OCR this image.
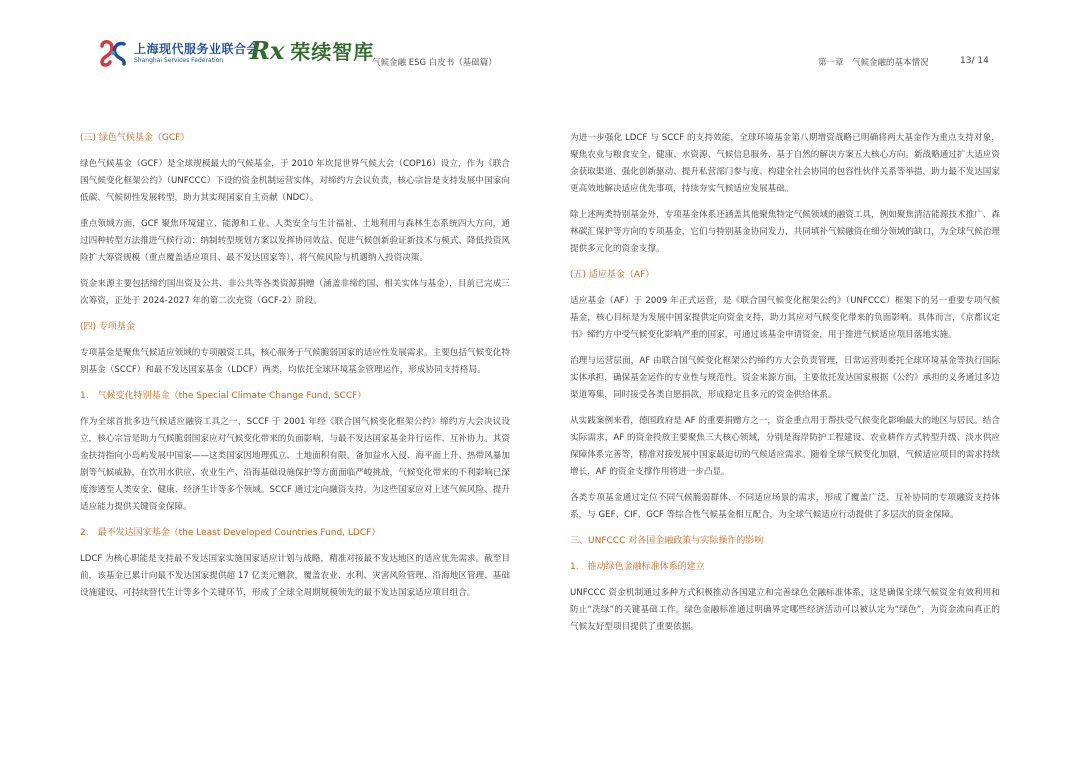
上海现代服务业联合会
Shanghai Services Federation	Rx 荣续智库
气候金融 ESG 白皮书（基础篇）	第一章　气候金融的基本情况	13/ 14
(三) 绿色气候基金（GCF）

绿色气候基金（GCF）是全球规模最大的气候基金，于 2010 年坎昆世界气候大会（COP16）设立，作为《联合国气候变化框架公约》（UNFCCC）下设的资金机制运营实体，对缔约方会议负责，核心宗旨是支持发展中国家向低碳、气候韧性发展转型，助力其实现国家自主贡献（NDC）。

重点领域方面，GCF 聚焦环境建立、能源和工业、人类安全与生计福祉、土地利用与森林生态系统四大方向，通过四种转型方法推进气候行动：纳制转型规划方案以发挥协同效益、促进气候创新验证新技术与模式、降低投资风险扩大筹资规模（重点覆盖适应项目、最不发达国家等）、将气候风险与机遇纳入投资决策。

资金来源主要包括缔约国出资及公共、非公共等各类资源捐赠（涵盖非缔约国、相关实体与基金），目前已完成三次筹资，正处于 2024-2027 年的第二次充资（GCF-2）阶段。

(四) 专项基金

专项基金是聚焦气候适应领域的专项融资工具，核心服务于气候脆弱国家的适应性发展需求。主要包括气候变化特别基金（SCCF）和最不发达国家基金（LDCF）两类，均依托全球环境基金管理运作，形成协同支持格局。

1.　气候变化特别基金（the Special Climate Change Fund, SCCF）

作为全球首批多边气候适应融资工具之一，SCCF 于 2001 年经《联合国气候变化框架公约》缔约方大会决议设立，核心宗旨是助力气候脆弱国家应对气候变化带来的负面影响，与最不发达国家基金并行运作、互补协力。其资金扶持指向小岛屿发展中国家——这类国家因地理孤立、土地面积有限，备加益水入侵、海平面上升、热带风暴加剧等气候威胁，在饮用水供应、农业生产、沿海基础设施保护等方面面临严峻挑战，气候变化带来的不利影响已深度渗透至人类安全、健康、经济生计等多个领域。SCCF 通过定向融资支持，为这些国家应对上述气候风险、提升适应能力提供关键资金保障。

2.　最不发达国家基金（the Least Developed Countries Fund, LDCF）

LDCF 为核心职能是支持最不发达国家实施国家适应计划与战略，精准对接最不发达地区的适应优先需求。截至目前，该基金已累计向最不发达国家提供超 17 亿美元赠款，覆盖农业、水利、灾害风险管理、沿海地区管理、基础设施建设、可持续替代生计等多个关键环节，形成了全球全周期规模领先的最不发达国家适应项目组合。

为进一步强化 LDCF 与 SCCF 的支持效能，全球环境基金第八期增资战略已明确将两大基金作为重点支持对象，聚焦农业与粮食安全、健康、水资源、气候信息服务、基于自然的解决方案五大核心方向。新战略通过扩大适应资金获取渠道、强化创新驱动、提升私营部门参与度、构建全社会协同的包容性伙伴关系等举措，助力最不发达国家更高效地解决适应优先事项，持续夯实气候适应发展基础。

除上述两类特别基金外，专项基金体系还涵盖其他聚焦特定气候领域的融资工具，例如聚焦清洁能源技术推广、森林碳汇保护等方向的专项基金，它们与特别基金协同发力，共同填补气候融资在细分领域的缺口，为全球气候治理提供多元化的资金支撑。

(五) 适应基金（AF）

适应基金（AF）于 2009 年正式运营，是《联合国气候变化框架公约》（UNFCCC）框架下的另一重要专项气候基金，核心目标是为发展中国家提供定向资金支持，助力其应对气候变化带来的负面影响。具体而言，《京都议定书》缔约方中受气候变化影响严重的国家，可通过该基金申请资金，用于推进气候适应项目落地实施。

治理与运营层面，AF 由联合国气候变化框架公约缔约方大会负责管理，日常运营则委托全球环境基金等执行国际实体承担，确保基金运作的专业性与规范性。资金来源方面，主要依托发达国家根据《公约》承担的义务通过多边渠道筹集，同时接受各类自愿捐款，形成稳定且多元的资金供给体系。

从实践案例来看，德国政府是 AF 的重要捐赠方之一，资金重点用于帮扶受气候变化影响最大的地区与居民。结合实际需求，AF 的资金投放主要聚焦三大核心领域，分别是海岸防护工程建设、农业耕作方式转型升级、淡水供应保障体系完善等，精准对接发展中国家最迫切的气候适应需求。随着全球气候变化加剧，气候适应项目的需求持续增长，AF 的资金支撑作用将进一步凸显。

各类专项基金通过定位不同气候脆弱群体、不同适应场景的需求，形成了覆盖广泛、互补协同的专项融资支持体系，与 GEF、CIF、GCF 等综合性气候基金相互配合，为全球气候适应行动提供了多层次的资金保障。

三、UNFCCC 对各国金融政策与实际操作的影响
1.　推动绿色金融标准体系的建立

UNFCCC 资金机制通过多种方式积极推动各国建立和完善绿色金融标准体系，这是确保全球气候资金有效利用和防止“洗绿”的关键基础工作。绿色金融标准通过明确界定哪些经济活动可以被认定为“绿色”，为资金流向真正的气候友好型项目提供了重要依据。
